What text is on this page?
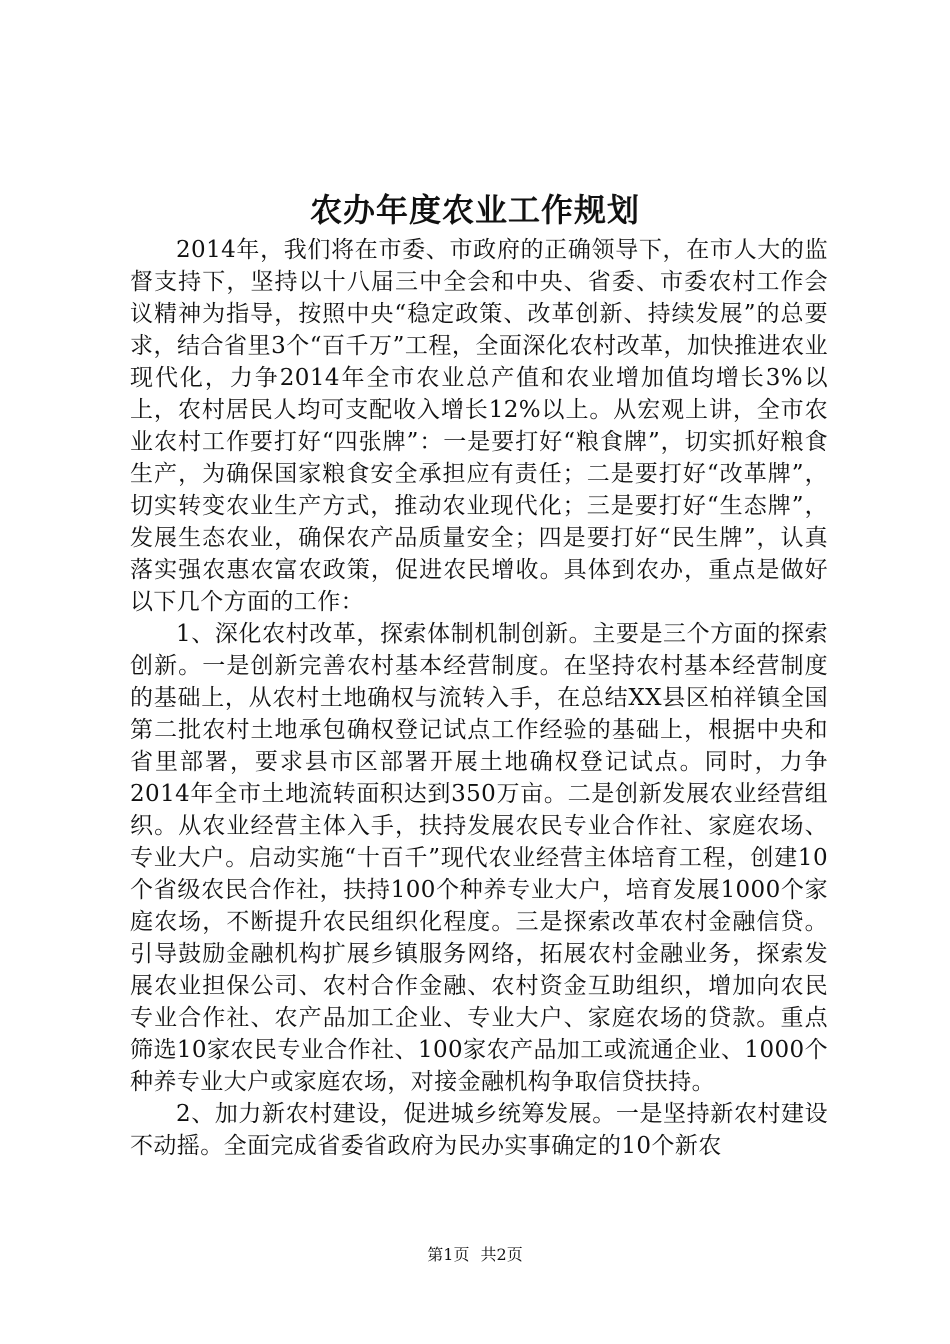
农办年度农业工作规划

2014年，我们将在市委、市政府的正确领导下，在市人大的监督支持下，坚持以十八届三中全会和中央、省委、市委农村工作会议精神为指导，按照中央“稳定政策、改革创新、持续发展”的总要求，结合省里3个“百千万”工程，全面深化农村改革，加快推进农业现代化，力争2014年全市农业总产值和农业增加值均增长3%以上，农村居民人均可支配收入增长12%以上。从宏观上讲，全市农业农村工作要打好“四张牌”：一是要打好“粮食牌”，切实抓好粮食生产，为确保国家粮食安全承担应有责任；二是要打好“改革牌”，切实转变农业生产方式，推动农业现代化；三是要打好“生态牌”，发展生态农业，确保农产品质量安全；四是要打好“民生牌”，认真落实强农惠农富农政策，促进农民增收。具体到农办，重点是做好以下几个方面的工作：

1、深化农村改革，探索体制机制创新。主要是三个方面的探索创新。一是创新完善农村基本经营制度。在坚持农村基本经营制度的基础上，从农村土地确权与流转入手，在总结XX县区柏祥镇全国第二批农村土地承包确权登记试点工作经验的基础上，根据中央和省里部署，要求县市区部署开展土地确权登记试点。同时，力争2014年全市土地流转面积达到350万亩。二是创新发展农业经营组织。从农业经营主体入手，扶持发展农民专业合作社、家庭农场、专业大户。启动实施“十百千”现代农业经营主体培育工程，创建10个省级农民合作社，扶持100个种养专业大户，培育发展1000个家庭农场，不断提升农民组织化程度。三是探索改革农村金融信贷。引导鼓励金融机构扩展乡镇服务网络，拓展农村金融业务，探索发展农业担保公司、农村合作金融、农村资金互助组织，增加向农民专业合作社、农产品加工企业、专业大户、家庭农场的贷款。重点筛选10家农民专业合作社、100家农产品加工或流通企业、1000个种养专业大户或家庭农场，对接金融机构争取信贷扶持。

2、加力新农村建设，促进城乡统筹发展。一是坚持新农村建设不动摇。全面完成省委省政府为民办实事确定的10个新农

第1页 共2页
